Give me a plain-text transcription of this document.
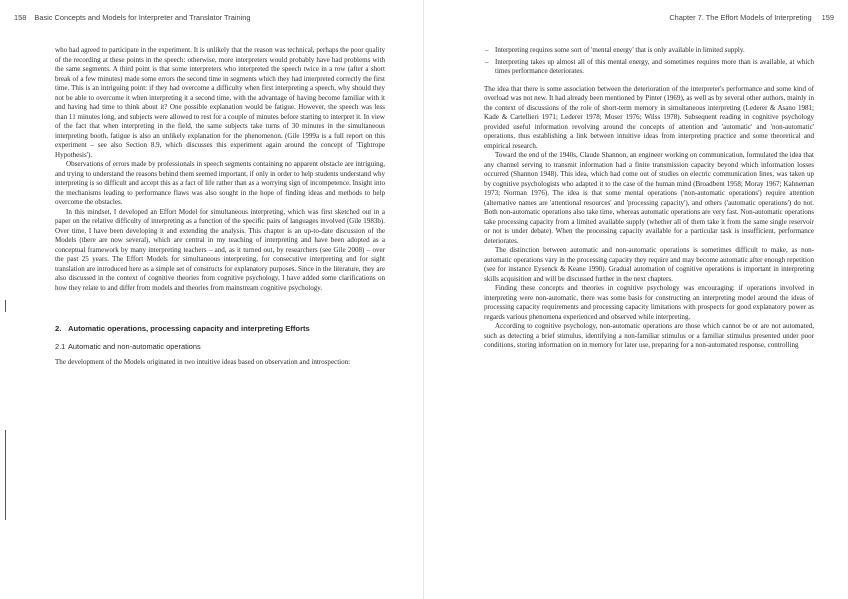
158 Basic Concepts and Models for Interpreter and Translator Training

who had agreed to participate in the experiment. It is unlikely that the reason was technical, perhaps the poor quality of the recording at these points in the speech: otherwise, more interpreters would probably have had problems with the same segments. A third point is that some interpreters who interpreted the speech twice in a row (after a short break of a few minutes) made some errors the second time in segments which they had interpreted correctly the first time. This is an intriguing point: if they had overcome a difficulty when first interpreting a speech, why should they not be able to overcome it when interpreting it a second time, with the advantage of having become familiar with it and having had time to think about it? One possible explanation would be fatigue. However, the speech was less than 11 minutes long, and subjects were allowed to rest for a couple of minutes before starting to interpret it. In view of the fact that when interpreting in the field, the same subjects take turns of 30 minutes in the simultaneous interpreting booth, fatigue is also an unlikely explanation for the phenomenon. (Gile 1999a is a full report on this experiment – see also Section 8.9, which discusses this experiment again around the concept of 'Tightrope Hypothesis').

Observations of errors made by professionals in speech segments containing no apparent obstacle are intriguing, and trying to understand the reasons behind them seemed important, if only in order to help students understand why interpreting is so difficult and accept this as a fact of life rather than as a worrying sign of incompetence. Insight into the mechanisms leading to performance flaws was also sought in the hope of finding ideas and methods to help overcome the obstacles.

In this mindset, I developed an Effort Model for simultaneous interpreting, which was first sketched out in a paper on the relative difficulty of interpreting as a function of the specific pairs of languages involved (Gile 1983b). Over time, I have been developing it and extending the analysis. This chapter is an up-to-date discussion of the Models (there are now several), which are central in my teaching of interpreting and have been adopted as a conceptual framework by many interpreting teachers – and, as it turned out, by researchers (see Gile 2008) – over the past 25 years. The Effort Models for simultaneous interpreting, for consecutive interpreting and for sight translation are introduced here as a simple set of constructs for explanatory purposes. Since in the literature, they are also discussed in the context of cognitive theories from cognitive psychology, I have added some clarifications on how they relate to and differ from models and theories from mainstream cognitive psychology.

2. Automatic operations, processing capacity and interpreting Efforts
2.1 Automatic and non-automatic operations

The development of the Models originated in two intuitive ideas based on observation and introspection:

Chapter 7. The Effort Models of Interpreting 159
– Interpreting requires some sort of 'mental energy' that is only available in limited supply.
– Interpreting takes up almost all of this mental energy, and sometimes requires more than is available, at which times performance deteriorates.

The idea that there is some association between the deterioration of the interpreter's performance and some kind of overload was not new. It had already been mentioned by Pinter (1969), as well as by several other authors, mainly in the context of discussions of the role of short-term memory in simultaneous interpreting (Lederer & Asano 1981; Kade & Cartellieri 1971; Lederer 1978; Moser 1976; Wilss 1978). Subsequent reading in cognitive psychology provided useful information revolving around the concepts of attention and 'automatic' and 'non-automatic' operations, thus establishing a link between intuitive ideas from interpreting practice and some theoretical and empirical research.

Toward the end of the 1940s, Claude Shannon, an engineer working on communication, formulated the idea that any channel serving to transmit information had a finite transmission capacity beyond which information losses occurred (Shannon 1948). This idea, which had come out of studies on electric communication lines, was taken up by cognitive psychologists who adapted it to the case of the human mind (Broadbent 1958; Moray 1967; Kahneman 1973; Norman 1976). The idea is that some mental operations ('non-automatic operations') require attention (alternative names are 'attentional resources' and 'processing capacity'), and others ('automatic operations') do not. Both non-automatic operations also take time, whereas automatic operations are very fast. Non-automatic operations take processing capacity from a limited available supply (whether all of them take it from the same single reservoir or not is under debate). When the processing capacity available for a particular task is insufficient, performance deteriorates.

The distinction between automatic and non-automatic operations is sometimes difficult to make, as non-automatic operations vary in the processing capacity they require and may become automatic after enough repetition (see for instance Eysenck & Keane 1990). Gradual automation of cognitive operations is important in interpreting skills acquisition and will be discussed further in the next chapters.

Finding these concepts and theories in cognitive psychology was encouraging: if operations involved in interpreting were non-automatic, there was some basis for constructing an interpreting model around the ideas of processing capacity requirements and processing capacity limitations with prospects for good explanatory power as regards various phenomena experienced and observed while interpreting.

According to cognitive psychology, non-automatic operations are those which cannot be or are not automated, such as detecting a brief stimulus, identifying a non-familiar stimulus or a familiar stimulus presented under poor conditions, storing information on in memory for later use, preparing for a non-automated response, controlling
